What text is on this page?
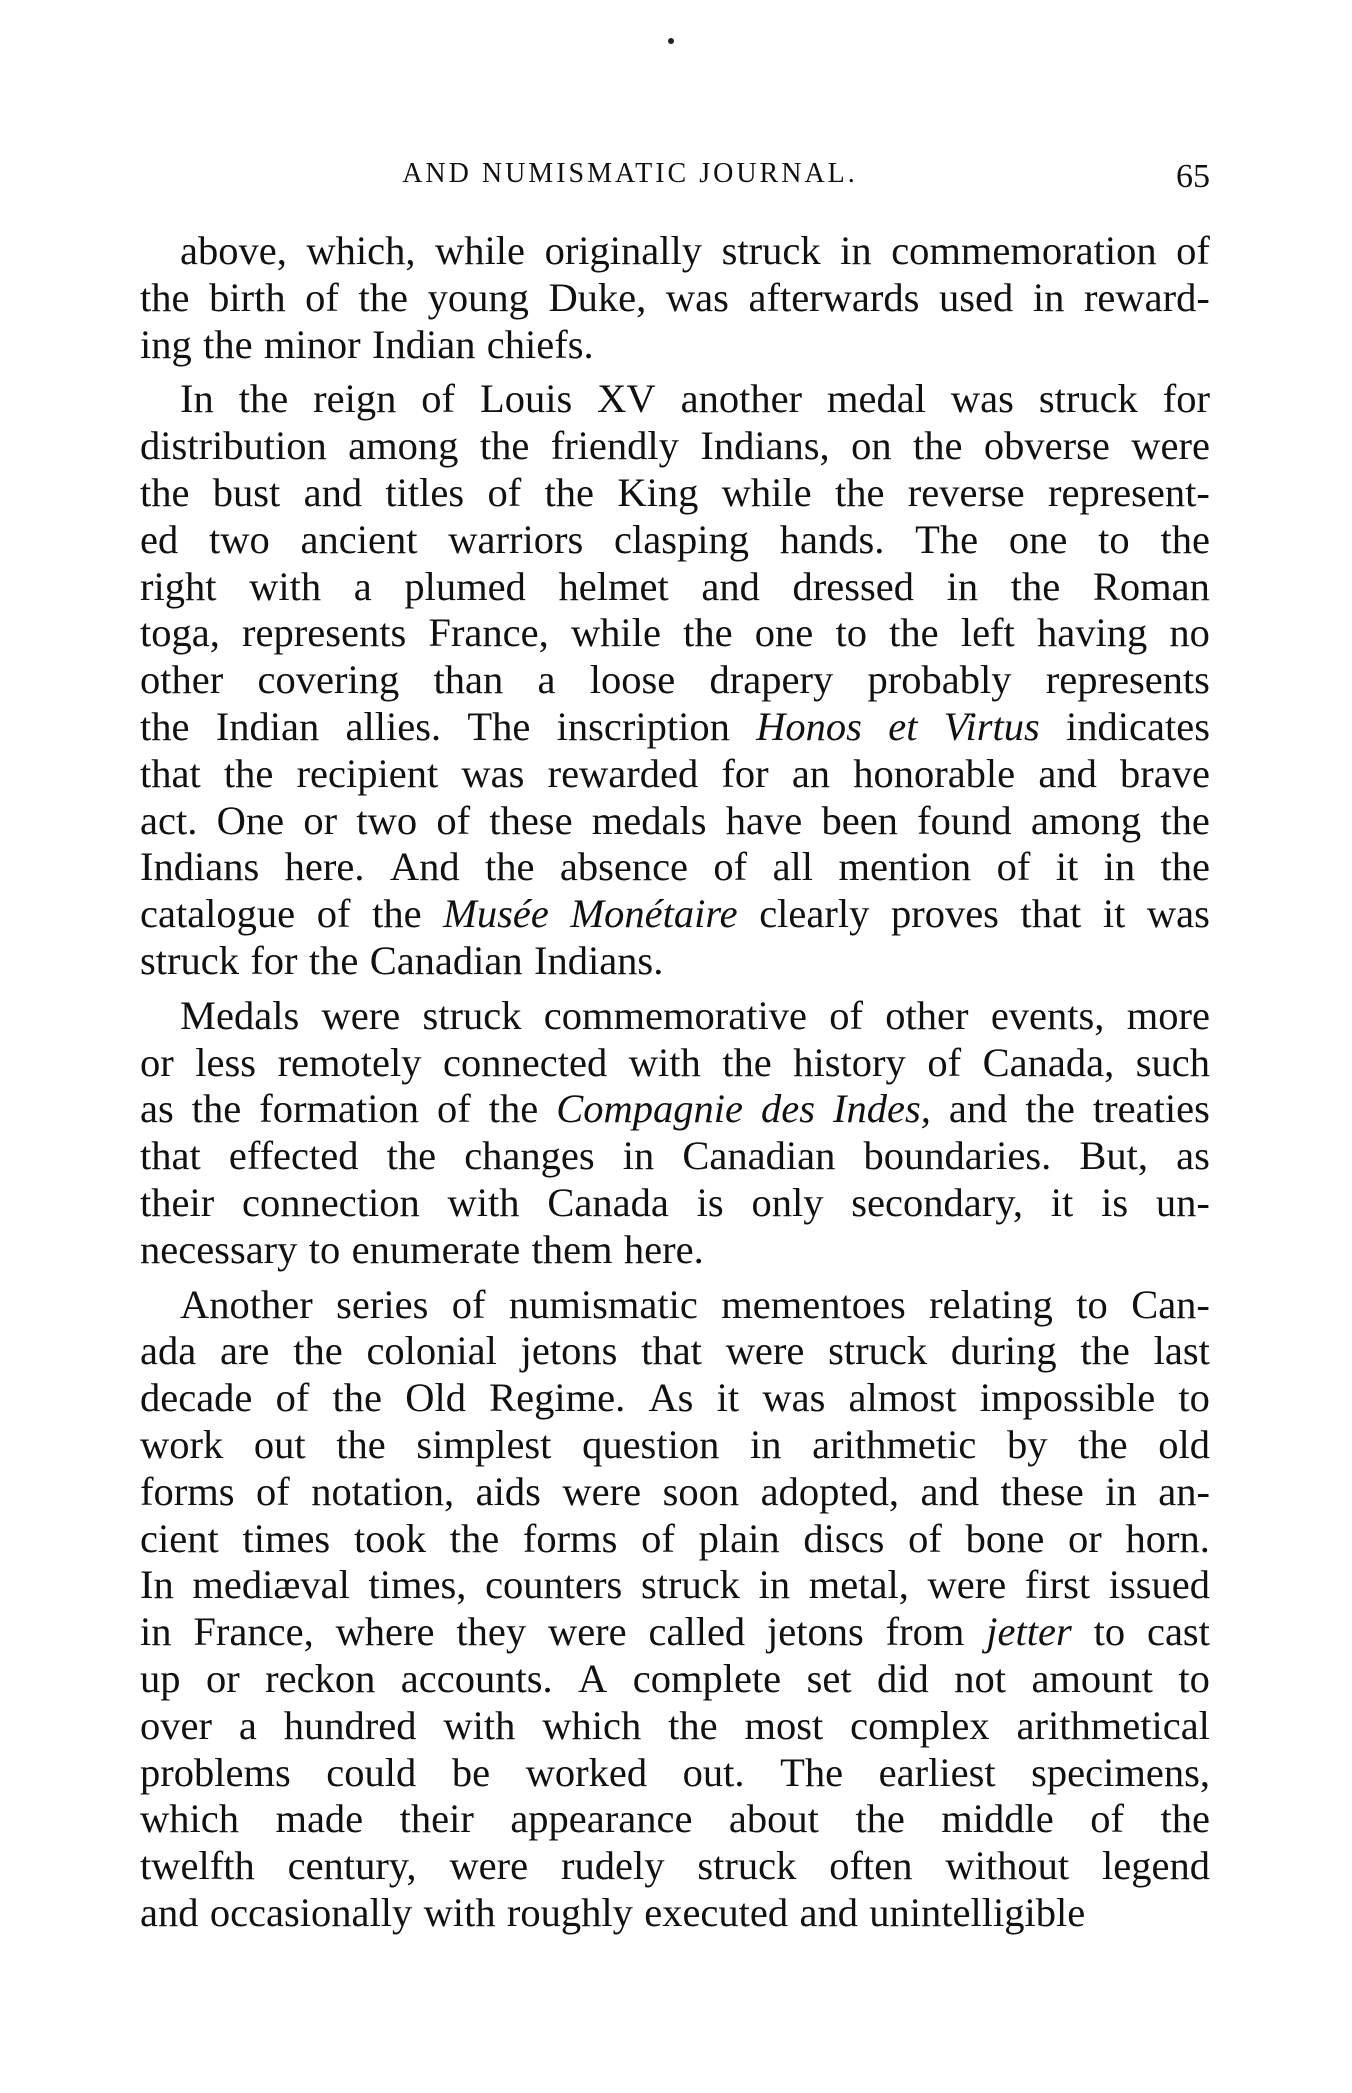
AND NUMISMATIC JOURNAL.	65
above, which, while originally struck in commemoration of
the birth of the young Duke, was afterwards used in reward-
ing the minor Indian chiefs.
In the reign of Louis XV another medal was struck for
distribution among the friendly Indians, on the obverse were
the bust and titles of the King while the reverse represent-
ed two ancient warriors clasping hands. The one to the
right with a plumed helmet and dressed in the Roman
toga, represents France, while the one to the left having no
other covering than a loose drapery probably represents
the Indian allies. The inscription Honos et Virtus indicates
that the recipient was rewarded for an honorable and brave
act. One or two of these medals have been found among the
Indians here. And the absence of all mention of it in the
catalogue of the Musée Monétaire clearly proves that it was
struck for the Canadian Indians.
Medals were struck commemorative of other events, more
or less remotely connected with the history of Canada, such
as the formation of the Compagnie des Indes, and the treaties
that effected the changes in Canadian boundaries. But, as
their connection with Canada is only secondary, it is un-
necessary to enumerate them here.
Another series of numismatic mementoes relating to Can-
ada are the colonial jetons that were struck during the last
decade of the Old Regime. As it was almost impossible to
work out the simplest question in arithmetic by the old
forms of notation, aids were soon adopted, and these in an-
cient times took the forms of plain discs of bone or horn.
In mediæval times, counters struck in metal, were first issued
in France, where they were called jetons from jetter to cast
up or reckon accounts. A complete set did not amount to
over a hundred with which the most complex arithmetical
problems could be worked out. The earliest specimens,
which made their appearance about the middle of the
twelfth century, were rudely struck often without legend
and occasionally with roughly executed and unintelligible
